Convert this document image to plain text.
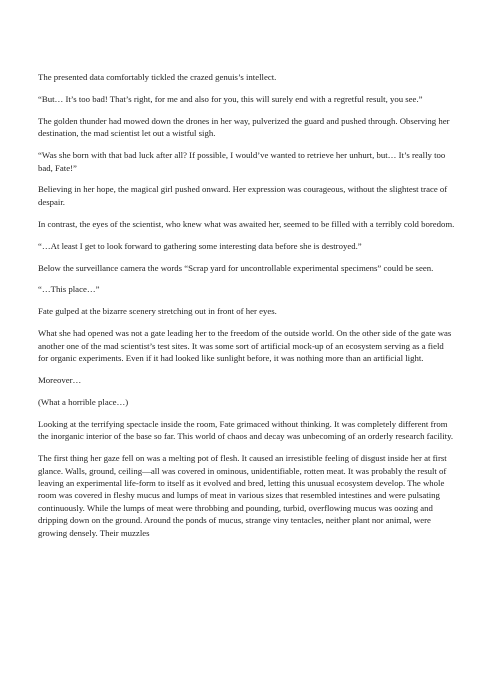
The presented data comfortably tickled the crazed genuis’s intellect.

“But… It’s too bad! That’s right, for me and also for you, this will surely end with a regretful result, you see.”

The golden thunder had mowed down the drones in her way, pulverized the guard and pushed through. Observing her destination, the mad scientist let out a wistful sigh.

“Was she born with that bad luck after all? If possible, I would’ve wanted to retrieve her unhurt, but… It’s really too bad, Fate!”

Believing in her hope, the magical girl pushed onward. Her expression was courageous, without the slightest trace of despair.

In contrast, the eyes of the scientist, who knew what was awaited her, seemed to be filled with a terribly cold boredom.

“…At least I get to look forward to gathering some interesting data before she is destroyed.”

Below the surveillance camera the words “Scrap yard for uncontrollable experimental specimens” could be seen.

“…This place…”

Fate gulped at the bizarre scenery stretching out in front of her eyes.

What she had opened was not a gate leading her to the freedom of the outside world. On the other side of the gate was another one of the mad scientist’s test sites. It was some sort of artificial mock-up of an ecosystem serving as a field for organic experiments. Even if it had looked like sunlight before, it was nothing more than an artificial light.

Moreover…

(What a horrible place…)

Looking at the terrifying spectacle inside the room, Fate grimaced without thinking. It was completely different from the inorganic interior of the base so far. This world of chaos and decay was unbecoming of an orderly research facility.

The first thing her gaze fell on was a melting pot of flesh. It caused an irresistible feeling of disgust inside her at first glance. Walls, ground, ceiling—all was covered in ominous, unidentifiable, rotten meat. It was probably the result of leaving an experimental life-form to itself as it evolved and bred, letting this unusual ecosystem develop. The whole room was covered in fleshy mucus and lumps of meat in various sizes that resembled intestines and were pulsating continuously. While the lumps of meat were throbbing and pounding, turbid, overflowing mucus was oozing and dripping down on the ground. Around the ponds of mucus, strange viny tentacles, neither plant nor animal, were growing densely. Their muzzles
